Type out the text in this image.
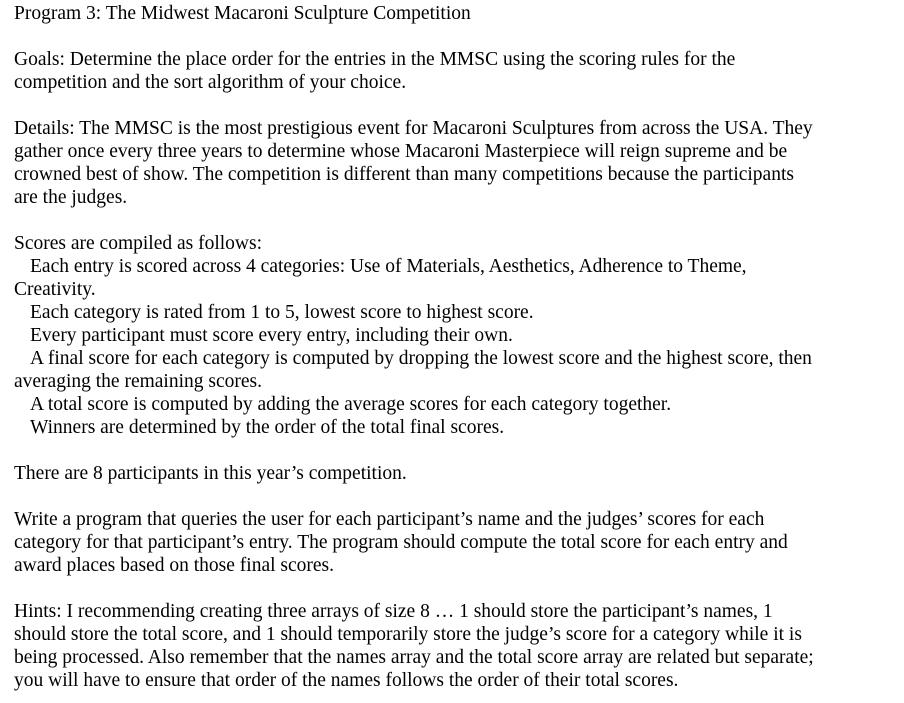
Program 3: The Midwest Macaroni Sculpture Competition
Goals: Determine the place order for the entries in the MMSC using the scoring rules for the
competition and the sort algorithm of your choice.
Details: The MMSC is the most prestigious event for Macaroni Sculptures from across the USA. They
gather once every three years to determine whose Macaroni Masterpiece will reign supreme and be
crowned best of show. The competition is different than many competitions because the participants
are the judges.
Scores are compiled as follows:
Each entry is scored across 4 categories: Use of Materials, Aesthetics, Adherence to Theme,
Creativity.
Each category is rated from 1 to 5, lowest score to highest score.
Every participant must score every entry, including their own.
A final score for each category is computed by dropping the lowest score and the highest score, then
averaging the remaining scores.
A total score is computed by adding the average scores for each category together.
Winners are determined by the order of the total final scores.
There are 8 participants in this year’s competition.
Write a program that queries the user for each participant’s name and the judges’ scores for each
category for that participant’s entry. The program should compute the total score for each entry and
award places based on those final scores.
Hints: I recommending creating three arrays of size 8 … 1 should store the participant’s names, 1
should store the total score, and 1 should temporarily store the judge’s score for a category while it is
being processed. Also remember that the names array and the total score array are related but separate;
you will have to ensure that order of the names follows the order of their total scores.
